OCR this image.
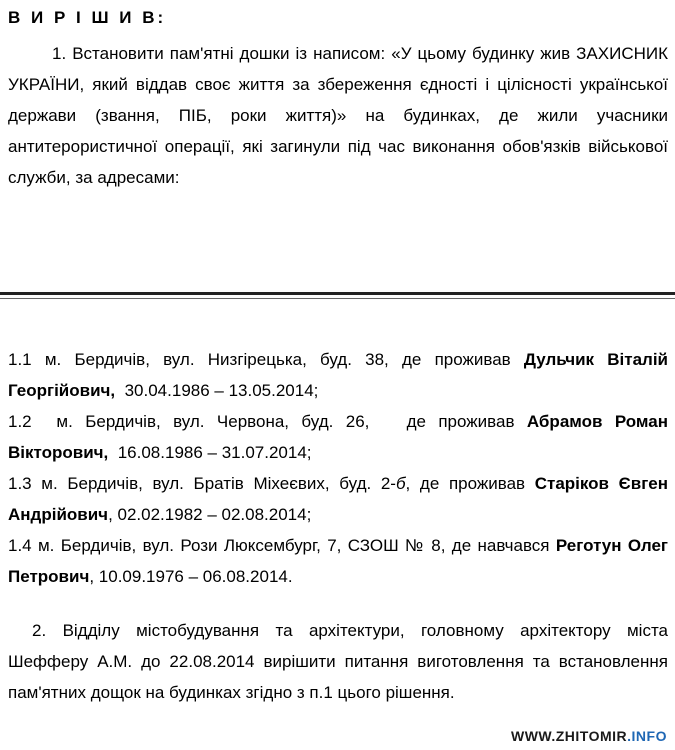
В И Р І Ш И В:
1. Встановити пам'ятні дошки із написом: «У цьому будинку жив ЗАХИСНИК УКРАЇНИ, який віддав своє життя за збереження єдності і цілісності української держави (звання, ПІБ, роки життя)» на будинках, де жили учасники антитерористичної операції, які загинули під час виконання обов'язків військової служби, за адресами:
1.1 м. Бердичів, вул. Низгірецька, буд. 38, де проживав Дульчик Віталій Георгійович, 30.04.1986 – 13.05.2014;
1.2  м. Бердичів, вул. Червона, буд. 26,   де проживав Абрамов Роман Вікторович, 16.08.1986 – 31.07.2014;
1.3 м. Бердичів, вул. Братів Міхеєвих, буд. 2-б, де проживав Старіков Євген Андрійович, 02.02.1982 – 02.08.2014;
1.4 м. Бердичів, вул. Рози Люксембург, 7, СЗОШ № 8, де навчався Реготун Олег Петрович, 10.09.1976 – 06.08.2014.
2. Відділу містобудування та архітектури, головному архітектору міста Шефферу А.М. до 22.08.2014 вирішити питання виготовлення та встановлення пам'ятних дощок на будинках згідно з п.1 цього рішення.
WWW.ZHITOMIR.INFO
